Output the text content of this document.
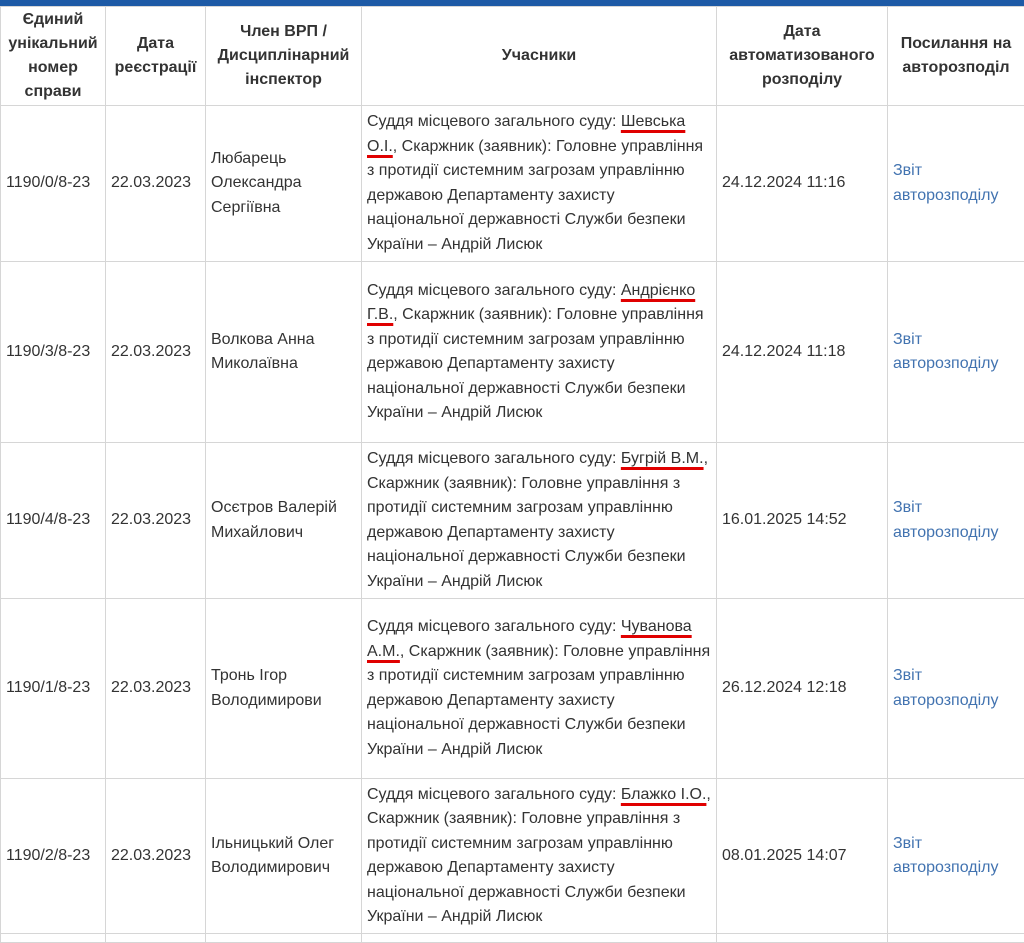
Єдиний унікальний номер справи	Дата реєстрації	Член ВРП / Дисциплінарний інспектор	Учасники	Дата автоматизованого розподілу	Посилання на авторозподіл
1190/0/8-23	22.03.2023	Любарець Олександра Сергіївна	Суддя місцевого загального суду: Шевська О.І., Скаржник (заявник): Головне управління з протидії системним загрозам управлінню державою Департаменту захисту національної державності Служби безпеки України – Андрій Лисюк	24.12.2024 11:16	Звіт авторозподілу
1190/3/8-23	22.03.2023	Волкова Анна Миколаївна	Суддя місцевого загального суду: Андрієнко Г.В., Скаржник (заявник): Головне управління з протидії системним загрозам управлінню державою Департаменту захисту національної державності Служби безпеки України – Андрій Лисюк	24.12.2024 11:18	Звіт авторозподілу
1190/4/8-23	22.03.2023	Осєтров Валерій Михайлович	Суддя місцевого загального суду: Бугрій В.М., Скаржник (заявник): Головне управління з протидії системним загрозам управлінню державою Департаменту захисту національної державності Служби безпеки України – Андрій Лисюк	16.01.2025 14:52	Звіт авторозподілу
1190/1/8-23	22.03.2023	Тронь Ігор Володимирови	Суддя місцевого загального суду: Чуванова А.М., Скаржник (заявник): Головне управління з протидії системним загрозам управлінню державою Департаменту захисту національної державності Служби безпеки України – Андрій Лисюк	26.12.2024 12:18	Звіт авторозподілу
1190/2/8-23	22.03.2023	Ільницький Олег Володимирович	Суддя місцевого загального суду: Блажко І.О., Скаржник (заявник): Головне управління з протидії системним загрозам управлінню державою Департаменту захисту національної державності Служби безпеки України – Андрій Лисюк	08.01.2025 14:07	Звіт авторозподілу
